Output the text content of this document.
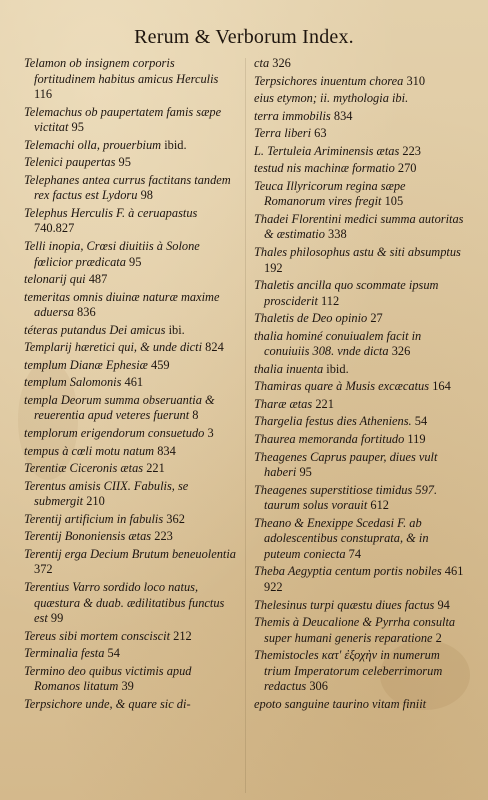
Rerum & Verborum Index.
Telamon ob insignem corporis fortitudinem habitus amicus Herculis 116
Telemachus ob paupertatem famis sæpe victitat 95
Telemachi olla, prouerbium ibid.
Telenici paupertas 95
Telephanes antea currus factitans tandem rex factus est Lydoru 98
Telephus Herculis F. à ceruapastus 740.827
Telli inopia, Crœsi diuitiis à Solone fœlicior prædicata 95
telonarij qui 487
temeritas omnis diuinæ naturæ maxime aduersa 836
téteras putandus Dei amicus ibi.
Templarij hæretici qui, & unde dicti 824
templum Dianæ Ephesiæ 459
templum Salomonis 461
templa Deorum summa obseruantia & reuerentia apud veteres fuerunt 8
templorum erigendorum consuetudo 3
tempus à cœli motu natum 834
Terentiæ Ciceronis ætas 221
Terentus amisis CIIX. Fabulis, se submergit 210
Terentij artificium in fabulis 362
Terentij Bononiensis ætas 223
Terentij erga Decium Brutum beneuolentia 372
Terentius Varro sordido loco natus, quæstura & duab. ædilitatibus functus est 99
Tereus sibi mortem consciscit 212
Terminalia festa 54
Termino deo quibus victimis apud Romanos litatum 39
Terpsichore unde, & quare sic di-
cta 326
Terpsichores inuentum chorea 310
eius etymon; ii. mythologia ibi.
terra immobilis 834
Terra liberi 63
L. Tertuleia Ariminensis ætas 223
testud nis machinæ formatio 270
Teuca Illyricorum regina sæpe Romanorum vires fregit 105
Thadei Florentini medici summa autoritas & æstimatio 338
Thales philosophus astu & siti absumptus 192
Thaletis ancilla quo scommate ipsum prosciderit 112
Thaletis de Deo opinio 27
thalia hominé conuiualem facit in conuiuiis 308. vnde dicta 326
thalia inuenta ibid.
Thamiras quare à Musis excæcatus 164
Tharæ ætas 221
Thargelia festus dies Atheniens. 54
Thaurea memoranda fortitudo 119
Theagenes Caprus pauper, diues vult haberi 95
Theagenes superstitiose timidus 597. taurum solus vorauit 612
Theano & Enexippe Scedasi F. ab adolescentibus constuprata, & in puteum coniecta 74
Theba Aegyptia centum portis nobiles 461 922
Thelesinus turpi quæstu diues factus 94
Themis à Deucalione & Pyrrha consulta super humani generis reparatione 2
Themistocles κατ' ἐξοχὴν in numerum trium Imperatorum celeberrimorum redactus 306
epoto sanguine taurino vitam finiit
